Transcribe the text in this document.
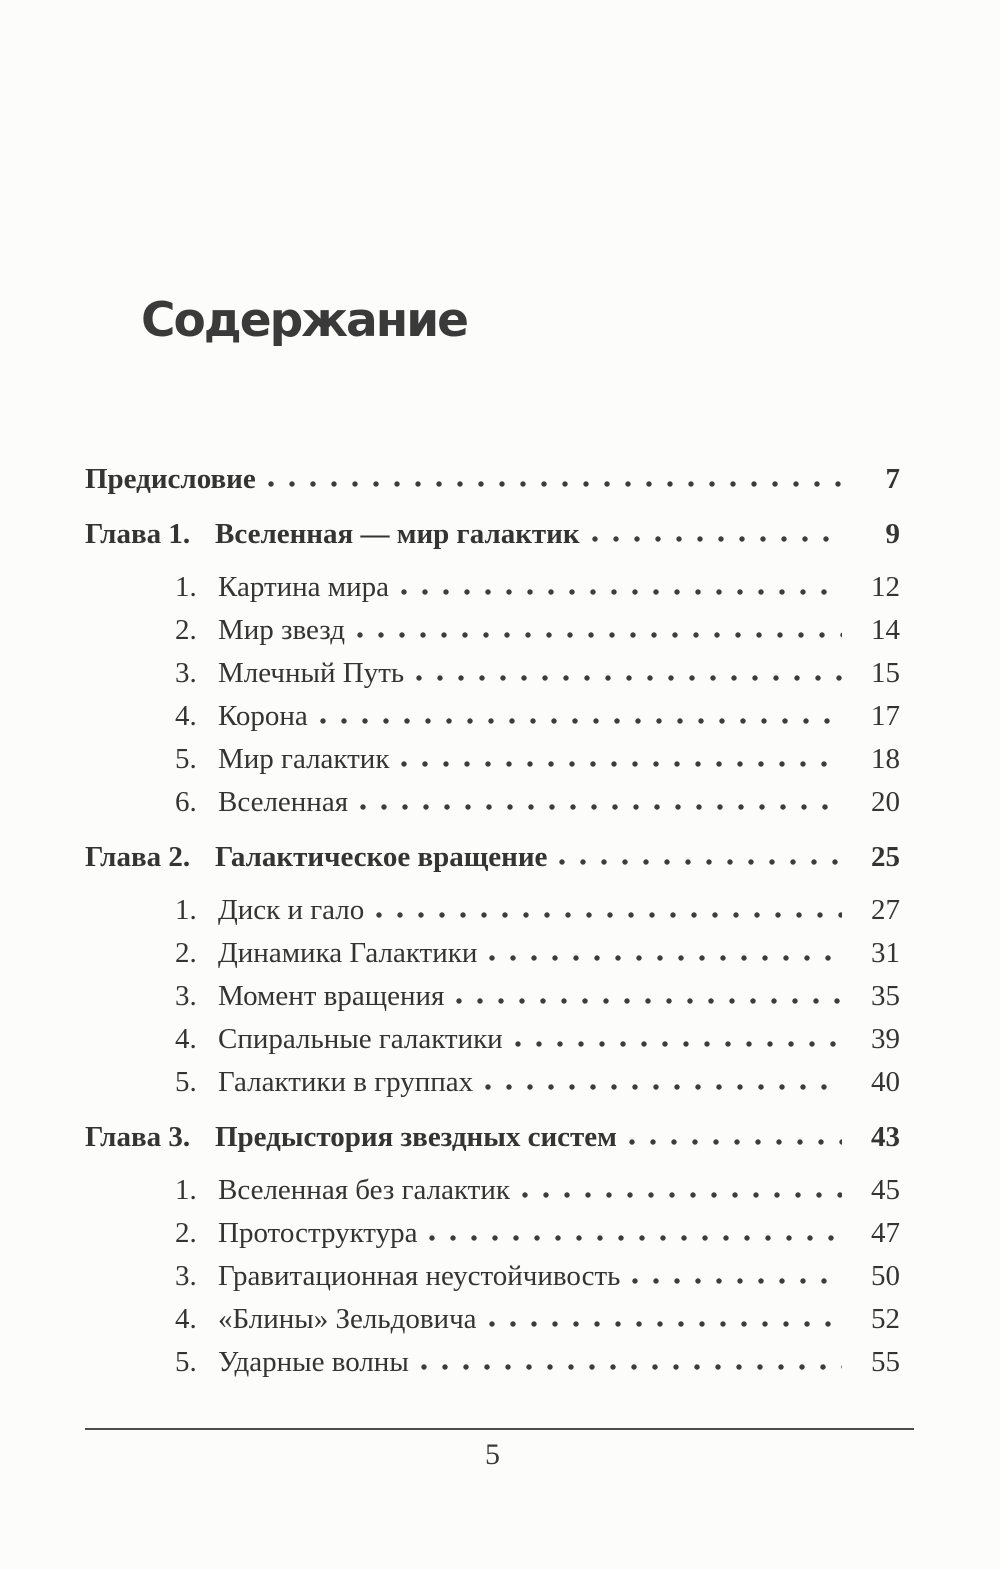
Содержание
Предисловие	7
Глава 1. Вселенная — мир галактик	9
1. Картина мира	12
2. Мир звезд	14
3. Млечный Путь	15
4. Корона	17
5. Мир галактик	18
6. Вселенная	20
Глава 2. Галактическое вращение	25
1. Диск и гало	27
2. Динамика Галактики	31
3. Момент вращения	35
4. Спиральные галактики	39
5. Галактики в группах	40
Глава 3. Предыстория звездных систем	43
1. Вселенная без галактик	45
2. Протоструктура	47
3. Гравитационная неустойчивость	50
4. «Блины» Зельдовича	52
5. Ударные волны	55
5
